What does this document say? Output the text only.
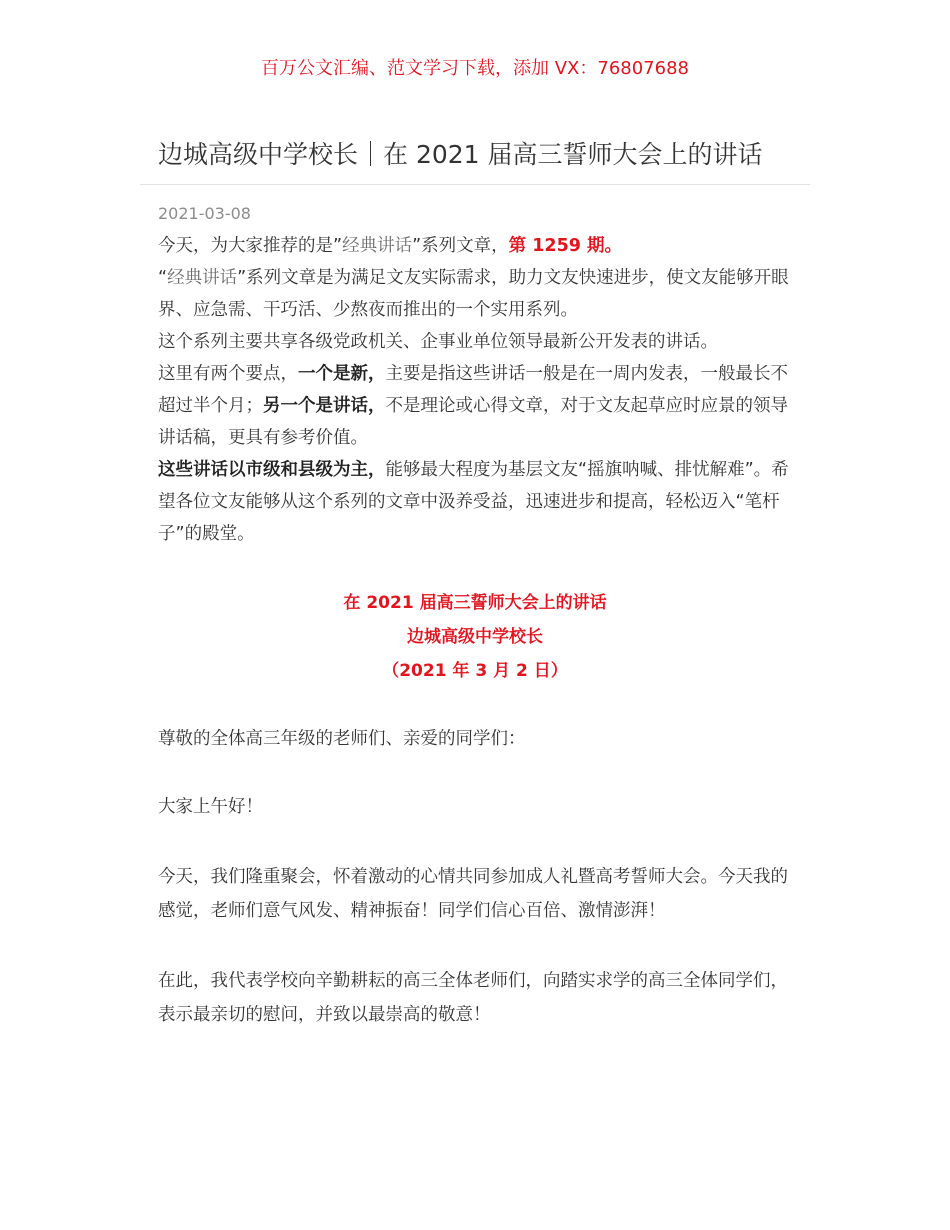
百万公文汇编、范文学习下载，添加 VX：76807688
边城高级中学校长｜在 2021 届高三誓师大会上的讲话
2021-03-08

今天，为大家推荐的是”经典讲话”系列文章，第 1259 期。

“经典讲话”系列文章是为满足文友实际需求，助力文友快速进步，使文友能够开眼界、应急需、干巧活、少熬夜而推出的一个实用系列。

这个系列主要共享各级党政机关、企事业单位领导最新公开发表的讲话。

这里有两个要点，一个是新，主要是指这些讲话一般是在一周内发表，一般最长不超过半个月；另一个是讲话，不是理论或心得文章，对于文友起草应时应景的领导讲话稿，更具有参考价值。

这些讲话以市级和县级为主，能够最大程度为基层文友“摇旗呐喊、排忧解难”。希望各位文友能够从这个系列的文章中汲养受益，迅速进步和提高，轻松迈入“笔杆子”的殿堂。

在 2021 届高三誓师大会上的讲话
边城高级中学校长
（2021 年 3 月 2 日）
尊敬的全体高三年级的老师们、亲爱的同学们：
大家上午好！
今天，我们隆重聚会，怀着激动的心情共同参加成人礼暨高考誓师大会。今天我的感觉，老师们意气风发、精神振奋！同学们信心百倍、激情澎湃！
在此，我代表学校向辛勤耕耘的高三全体老师们，向踏实求学的高三全体同学们，表示最亲切的慰问，并致以最崇高的敬意！
